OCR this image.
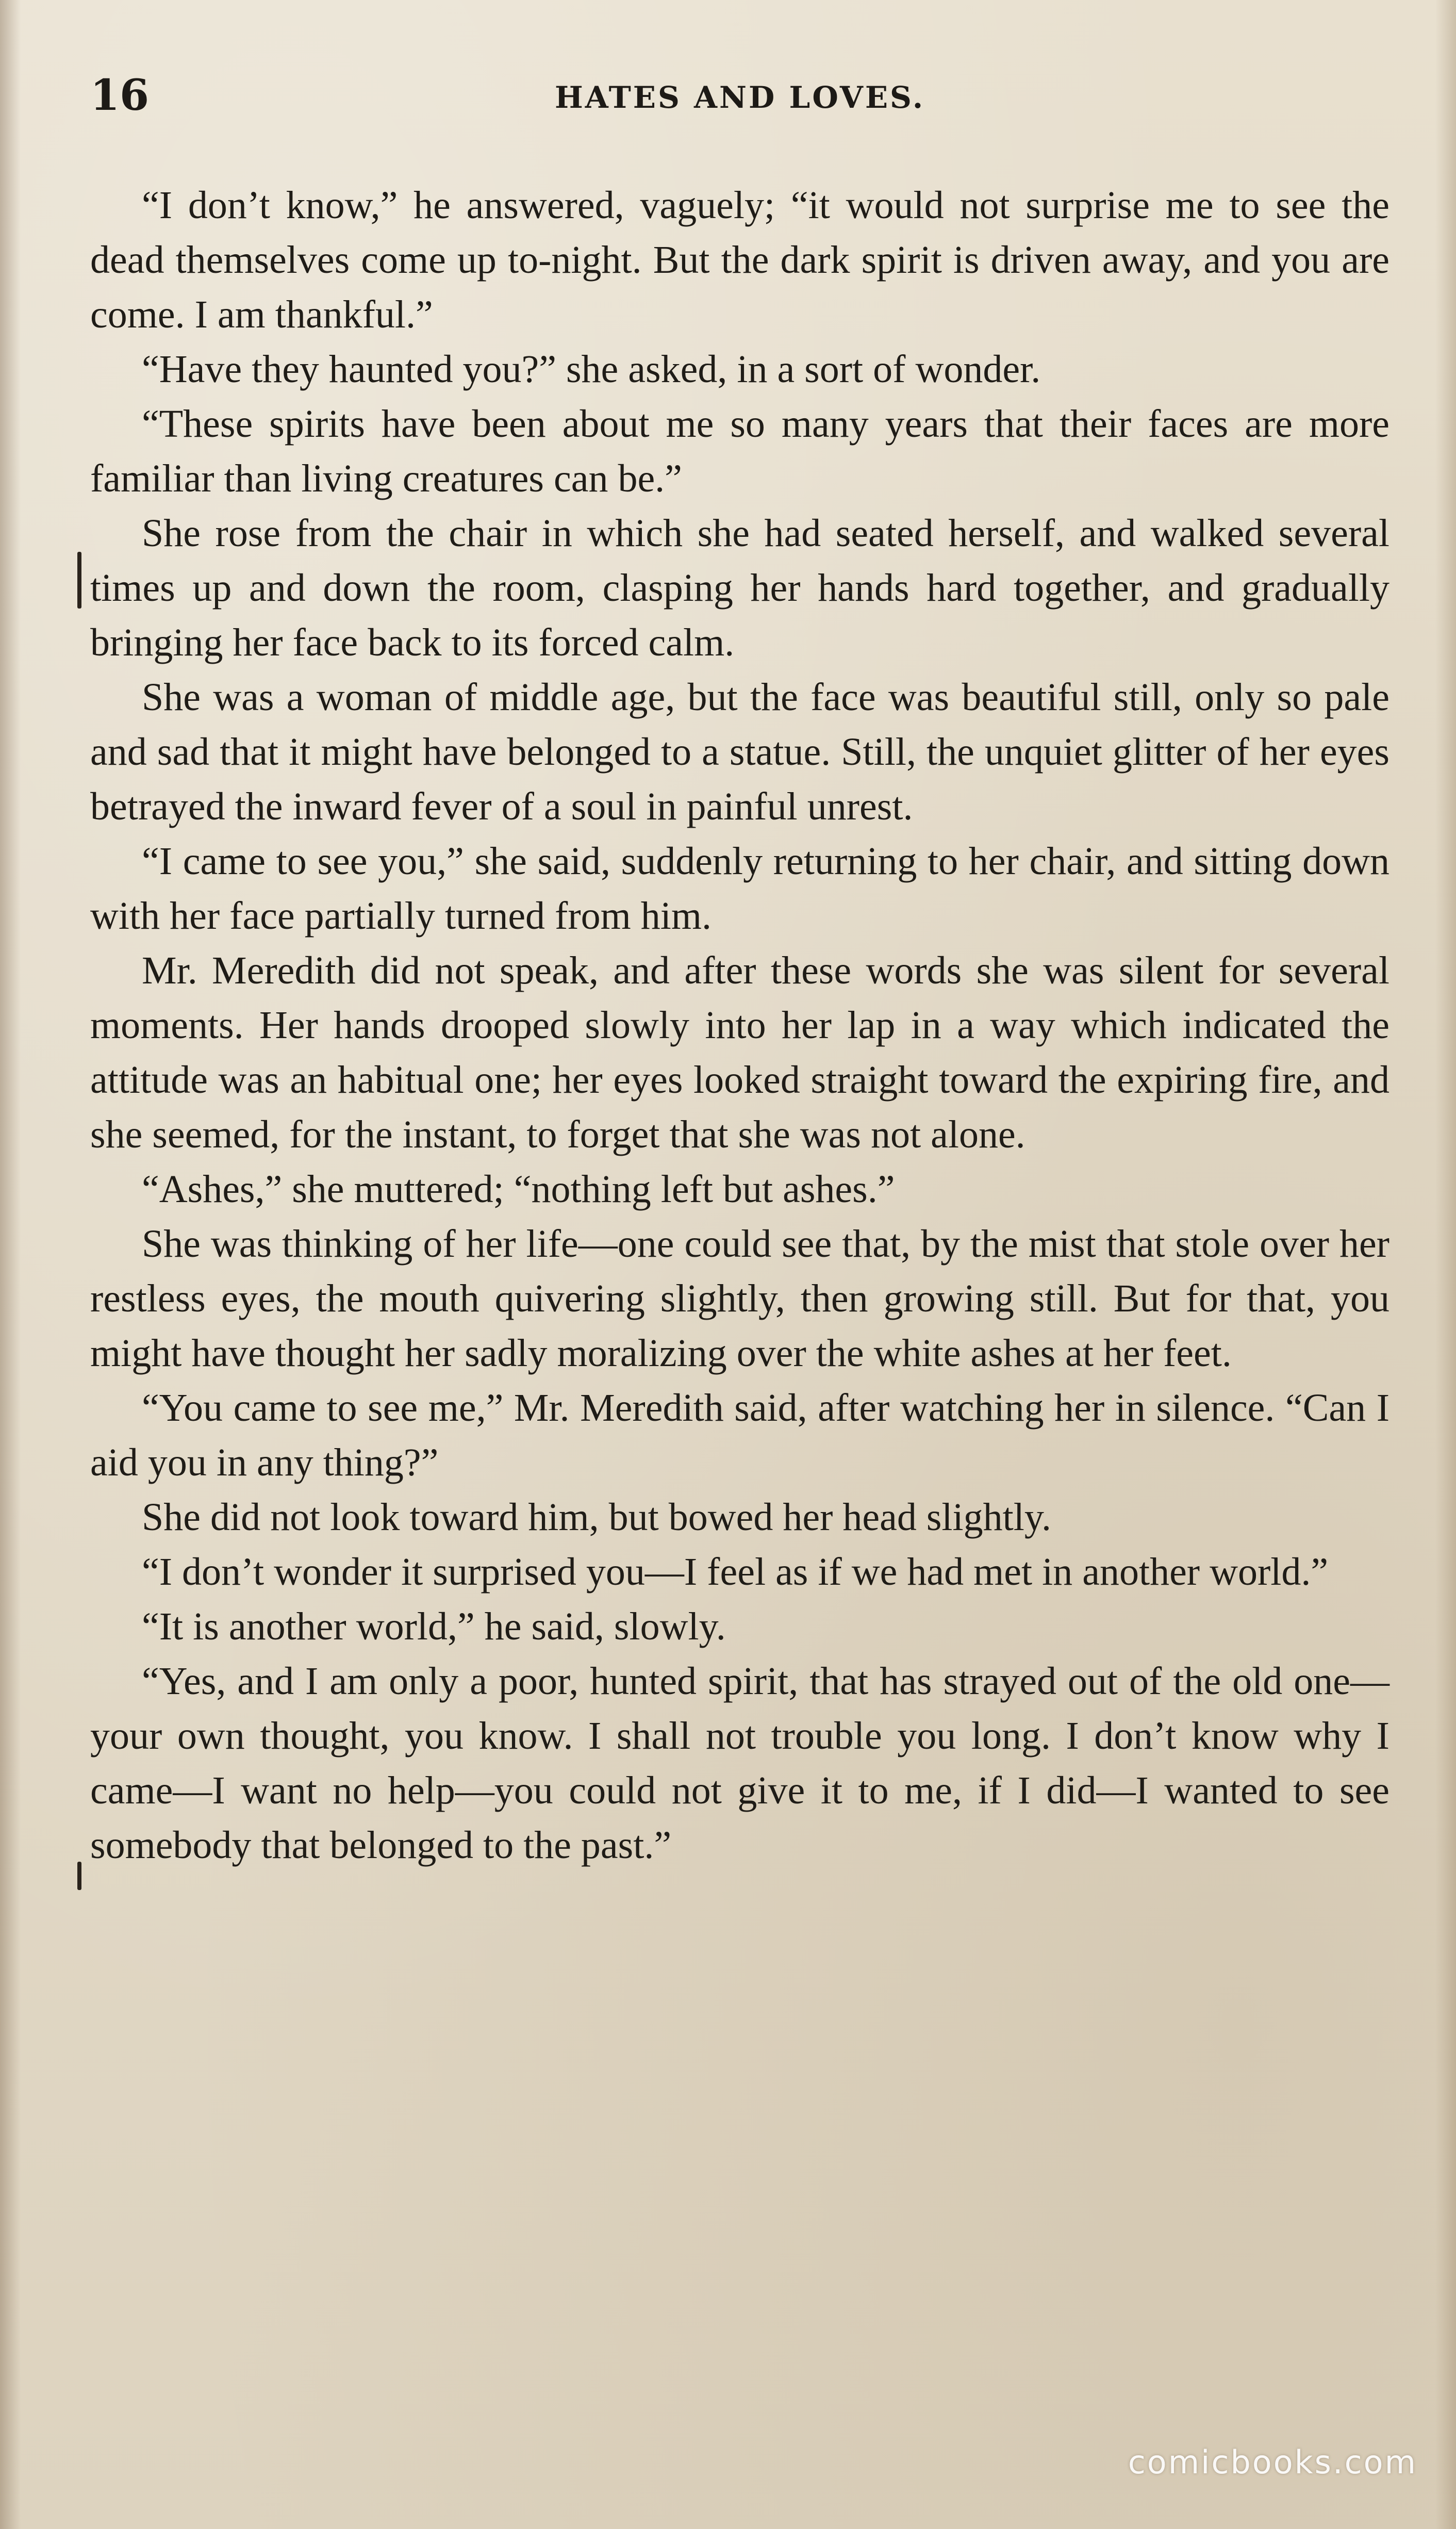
16	HATES AND LOVES.

“I don’t know,” he answered, vaguely; “it would not surprise me to see the dead themselves come up to-night. But the dark spirit is driven away, and you are come. I am thankful.”

“Have they haunted you?” she asked, in a sort of wonder.

“These spirits have been about me so many years that their faces are more familiar than living creatures can be.”

She rose from the chair in which she had seated herself, and walked several times up and down the room, clasping her hands hard together, and gradually bringing her face back to its forced calm.

She was a woman of middle age, but the face was beautiful still, only so pale and sad that it might have belonged to a statue. Still, the unquiet glitter of her eyes betrayed the inward fever of a soul in painful unrest.

“I came to see you,” she said, suddenly returning to her chair, and sitting down with her face partially turned from him.

Mr. Meredith did not speak, and after these words she was silent for several moments. Her hands drooped slowly into her lap in a way which indicated the attitude was an habitual one; her eyes looked straight toward the expiring fire, and she seemed, for the instant, to forget that she was not alone.

“Ashes,” she muttered; “nothing left but ashes.”

She was thinking of her life—one could see that, by the mist that stole over her restless eyes, the mouth quivering slightly, then growing still. But for that, you might have thought her sadly moralizing over the white ashes at her feet.

“You came to see me,” Mr. Meredith said, after watching her in silence. “Can I aid you in any thing?”

She did not look toward him, but bowed her head slightly.

“I don’t wonder it surprised you—I feel as if we had met in another world.”

“It is another world,” he said, slowly.

“Yes, and I am only a poor, hunted spirit, that has strayed out of the old one—your own thought, you know. I shall not trouble you long. I don’t know why I came—I want no help—you could not give it to me, if I did—I wanted to see somebody that belonged to the past.”

comicbooks.com
